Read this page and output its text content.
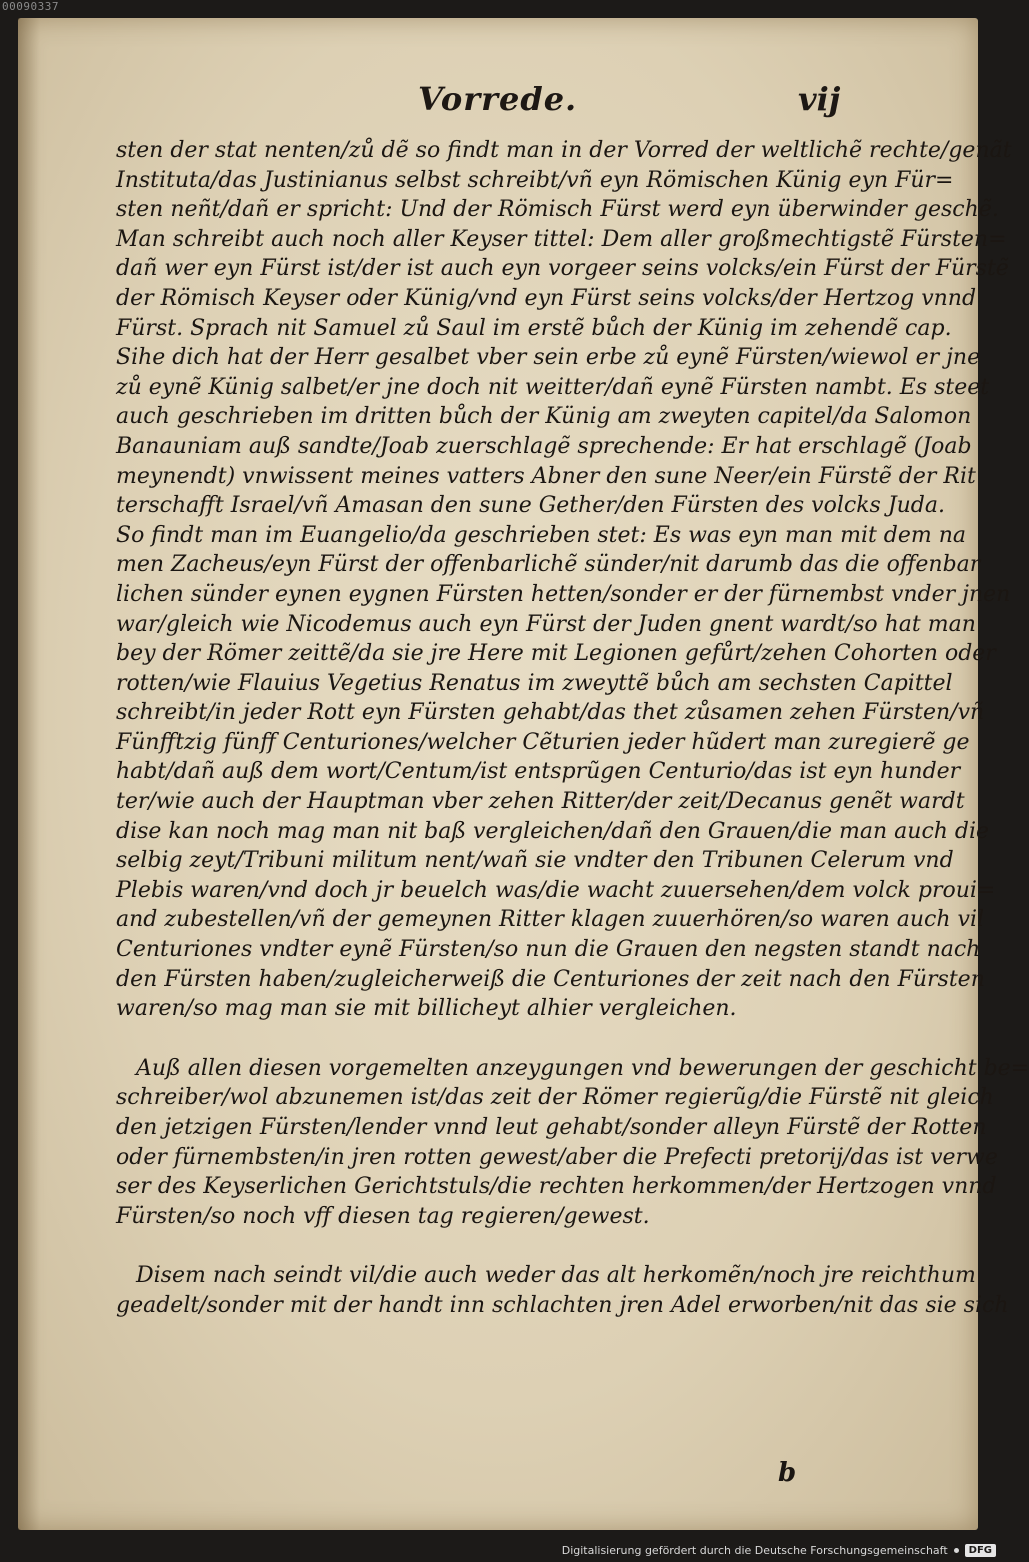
00090337
Vorrede.	vij
sten der stat nenten/zů dẽ so findt man in der Vorred der weltlichẽ rechte/genãt
Instituta/das Justinianus selbst schreibt/vñ eyn Römischen Künig eyn Für=
sten neñt/dañ er spricht: Und der Römisch Fürst werd eyn überwinder geschẽ.
Man schreibt auch noch aller Keyser tittel: Dem aller großmechtigstẽ Fürsten=
dañ wer eyn Fürst ist/der ist auch eyn vorgeer seins volcks/ein Fürst der Fürstẽ
der Römisch Keyser oder Künig/vnd eyn Fürst seins volcks/der Hertzog vnnd
Fürst. Sprach nit Samuel zů Saul im erstẽ bůch der Künig im zehendẽ cap.
Sihe dich hat der Herr gesalbet vber sein erbe zů eynẽ Fürsten/wiewol er jne
zů eynẽ Künig salbet/er jne doch nit weitter/dañ eynẽ Fürsten nambt. Es steet
auch geschrieben im dritten bůch der Künig am zweyten capitel/da Salomon
Banauniam auß sandte/Joab zuerschlagẽ sprechende: Er hat erschlagẽ (Joab
meynendt) vnwissent meines vatters Abner den sune Neer/ein Fürstẽ der Rit
terschafft Israel/vñ Amasan den sune Gether/den Fürsten des volcks Juda.
So findt man im Euangelio/da geschrieben stet: Es was eyn man mit dem na
men Zacheus/eyn Fürst der offenbarlichẽ sünder/nit darumb das die offenbar
lichen sünder eynen eygnen Fürsten hetten/sonder er der fürnembst vnder jnen
war/gleich wie Nicodemus auch eyn Fürst der Juden gnent wardt/so hat man
bey der Römer zeittẽ/da sie jre Here mit Legionen gefůrt/zehen Cohorten oder
rotten/wie Flauius Vegetius Renatus im zweyttẽ bůch am sechsten Capittel
schreibt/in jeder Rott eyn Fürsten gehabt/das thet zůsamen zehen Fürsten/vñ
Fünfftzig fünff Centuriones/welcher Cẽturien jeder hũdert man zuregierẽ ge
habt/dañ auß dem wort/Centum/ist entsprũgen Centurio/das ist eyn hunder
ter/wie auch der Hauptman vber zehen Ritter/der zeit/Decanus genẽt wardt
dise kan noch mag man nit baß vergleichen/dañ den Grauen/die man auch die
selbig zeyt/Tribuni militum nent/wañ sie vndter den Tribunen Celerum vnd
Plebis waren/vnd doch jr beuelch was/die wacht zuuersehen/dem volck proui=
and zubestellen/vñ der gemeynen Ritter klagen zuuerhören/so waren auch vil
Centuriones vndter eynẽ Fürsten/so nun die Grauen den negsten standt nach
den Fürsten haben/zugleicherweiß die Centuriones der zeit nach den Fürsten
waren/so mag man sie mit billicheyt alhier vergleichen.
Auß allen diesen vorgemelten anzeygungen vnd bewerungen der geschicht be=
schreiber/wol abzunemen ist/das zeit der Römer regierũg/die Fürstẽ nit gleich
den jetzigen Fürsten/lender vnnd leut gehabt/sonder alleyn Fürstẽ der Rotten
oder fürnembsten/in jren rotten gewest/aber die Prefecti pretorij/das ist verwe
ser des Keyserlichen Gerichtstuls/die rechten herkommen/der Hertzogen vnnd
Fürsten/so noch vff diesen tag regieren/gewest.
Disem nach seindt vil/die auch weder das alt herkomẽn/noch jre reichthum
geadelt/sonder mit der handt inn schlachten jren Adel erworben/nit das sie sich
b
Digitalisierung gefördert durch die Deutsche Forschungsgemeinschaft	DFG
